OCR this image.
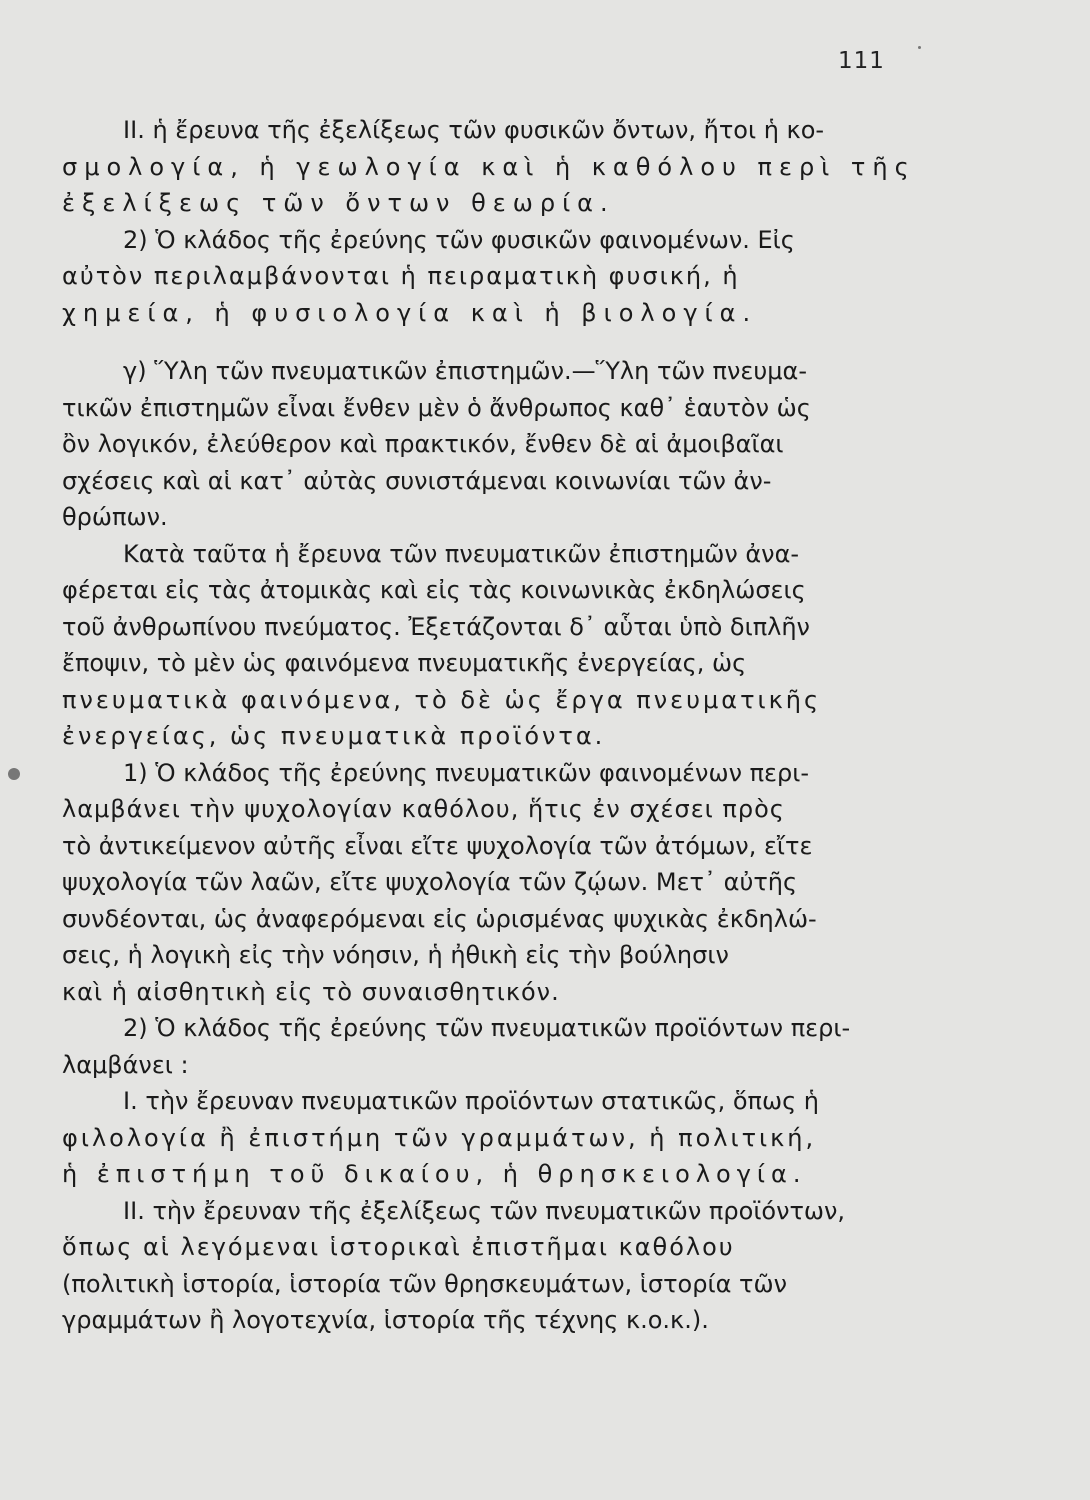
111
II. ἡ ἔρευνα τῆς ἐξελίξεως τῶν φυσικῶν ὄντων, ἤτοι ἡ κο-
σμολογία, ἡ γεωλογία καὶ ἡ καθόλου περὶ τῆς
ἐξελίξεως τῶν ὄντων θεωρία.
2) Ὁ κλάδος τῆς ἐρεύνης τῶν φυσικῶν φαινομένων. Εἰς
αὐτὸν περιλαμβάνονται ἡ πειραματικὴ φυσική, ἡ
χημεία, ἡ φυσιολογία καὶ ἡ βιολογία.
γ) Ὕλη τῶν πνευματικῶν ἐπιστημῶν.—Ὕλη τῶν πνευμα-
τικῶν ἐπιστημῶν εἶναι ἔνθεν μὲν ὁ ἄνθρωπος καθ᾽ ἑαυτὸν ὡς
ὂν λογικόν, ἐλεύθερον καὶ πρακτικόν, ἔνθεν δὲ αἱ ἀμοιβαῖαι
σχέσεις καὶ αἱ κατ᾽ αὐτὰς συνιστάμεναι κοινωνίαι τῶν ἀν-
θρώπων.
Κατὰ ταῦτα ἡ ἔρευνα τῶν πνευματικῶν ἐπιστημῶν ἀνα-
φέρεται εἰς τὰς ἀτομικὰς καὶ εἰς τὰς κοινωνικὰς ἐκδηλώσεις
τοῦ ἀνθρωπίνου πνεύματος. Ἐξετάζονται δ᾽ αὗται ὑπὸ διπλῆν
ἔποψιν, τὸ μὲν ὡς φαινόμενα πνευματικῆς ἐνεργείας, ὡς
πνευματικὰ φαινόμενα, τὸ δὲ ὡς ἔργα πνευματικῆς
ἐνεργείας, ὡς πνευματικὰ προϊόντα.
1) Ὁ κλάδος τῆς ἐρεύνης πνευματικῶν φαινομένων περι-
λαμβάνει τὴν ψυχολογίαν καθόλου, ἥτις ἐν σχέσει πρὸς
τὸ ἀντικείμενον αὐτῆς εἶναι εἴτε ψυχολογία τῶν ἀτόμων, εἴτε
ψυχολογία τῶν λαῶν, εἴτε ψυχολογία τῶν ζῴων. Μετ᾽ αὐτῆς
συνδέονται, ὡς ἀναφερόμεναι εἰς ὡρισμένας ψυχικὰς ἐκδηλώ-
σεις, ἡ λογικὴ εἰς τὴν νόησιν, ἡ ἠθικὴ εἰς τὴν βούλησιν
καὶ ἡ αἰσθητικὴ εἰς τὸ συναισθητικόν.
2) Ὁ κλάδος τῆς ἐρεύνης τῶν πνευματικῶν προϊόντων περι-
λαμβάνει :
I. τὴν ἔρευναν πνευματικῶν προϊόντων στατικῶς, ὅπως ἡ
φιλολογία ἢ ἐπιστήμη τῶν γραμμάτων, ἡ πολιτική,
ἡ ἐπιστήμη τοῦ δικαίου, ἡ θρησκειολογία.
II. τὴν ἔρευναν τῆς ἐξελίξεως τῶν πνευματικῶν προϊόντων,
ὅπως αἱ λεγόμεναι ἱστορικαὶ ἐπιστῆμαι καθόλου
(πολιτικὴ ἱστορία, ἱστορία τῶν θρησκευμάτων, ἱστορία τῶν
γραμμάτων ἢ λογοτεχνία, ἱστορία τῆς τέχνης κ.ο.κ.).
